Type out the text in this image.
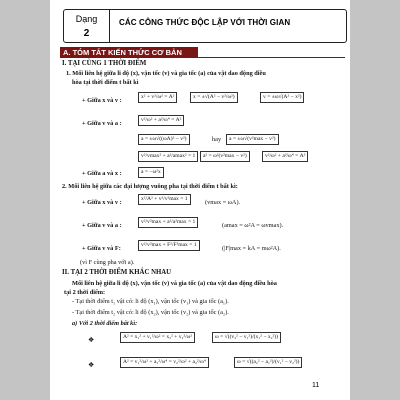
Dạng
2
CÁC CÔNG THỨC ĐỘC LẬP VỚI THỜI GIAN
A. TÓM TẮT KIẾN THỨC CƠ BẢN
I. TẠI CÙNG 1 THỜI ĐIỂM
1. Mối liên hệ giữa li độ (x), vận tốc (v) và gia tốc (a) của vật dao động điều
hòa tại thời điểm t bất kì
+ Giữa x và v :	x² + v²/ω² = A²	x = ±√(A² − v²/ω²)	v = ±ω√(A² − x²)
+ Giữa v và a :	v²/ω² + a²/ω⁴ = A²
a = ±ω√((ωA)² − v²)	hay	a = ±ω√(v²max − v²)
v²/vmax² + a²/amax² = 1	a² = ω²(v²max − v²)	v²/ω² + a²/ω⁴ = A²
+ Giữa a và x :	a = −ω²x
2. Mối liên hệ giữa các đại lượng vuông pha tại thời điểm t bất kì:
+ Giữa x và v :	x²/A² + v²/v²max = 1	(vmax = ωA).
+ Giữa v và a :	v²/v²max + a²/a²max = 1	(amax = ω²A = ωvmax).
+ Giữa v và F:	v²/v²max + F²/F²max = 1	(|F|max = kA = mω²A).
(vì F cùng pha với a).
II. TẠI 2 THỜI ĐIỂM KHÁC NHAU
Mối liên hệ giữa li độ (x), vận tốc (v) và gia tốc (a) của vật dao động điều hòa
tại 2 thời điểm:
- Tại thời điểm t₁ vật có: li độ (x₁), vận tốc (v₁) và gia tốc (a₁).
- Tại thời điểm t₂ vật có: li độ (x₂), vận tốc (v₂) và gia tốc (a₂).
a) Với 2 thời điểm bất kì:
❖	A² = x₁² + v₁²/ω² = x₂² + v₂²/ω²	ω = √((v₂² − v₁²)/(x₁² − x₂²))
❖	A² = v₁²/ω² + a₁²/ω⁴ = v₂²/ω² + a₂²/ω⁴	ω = √((a₂² − a₁²)/(v₁² − v₂²))
11
